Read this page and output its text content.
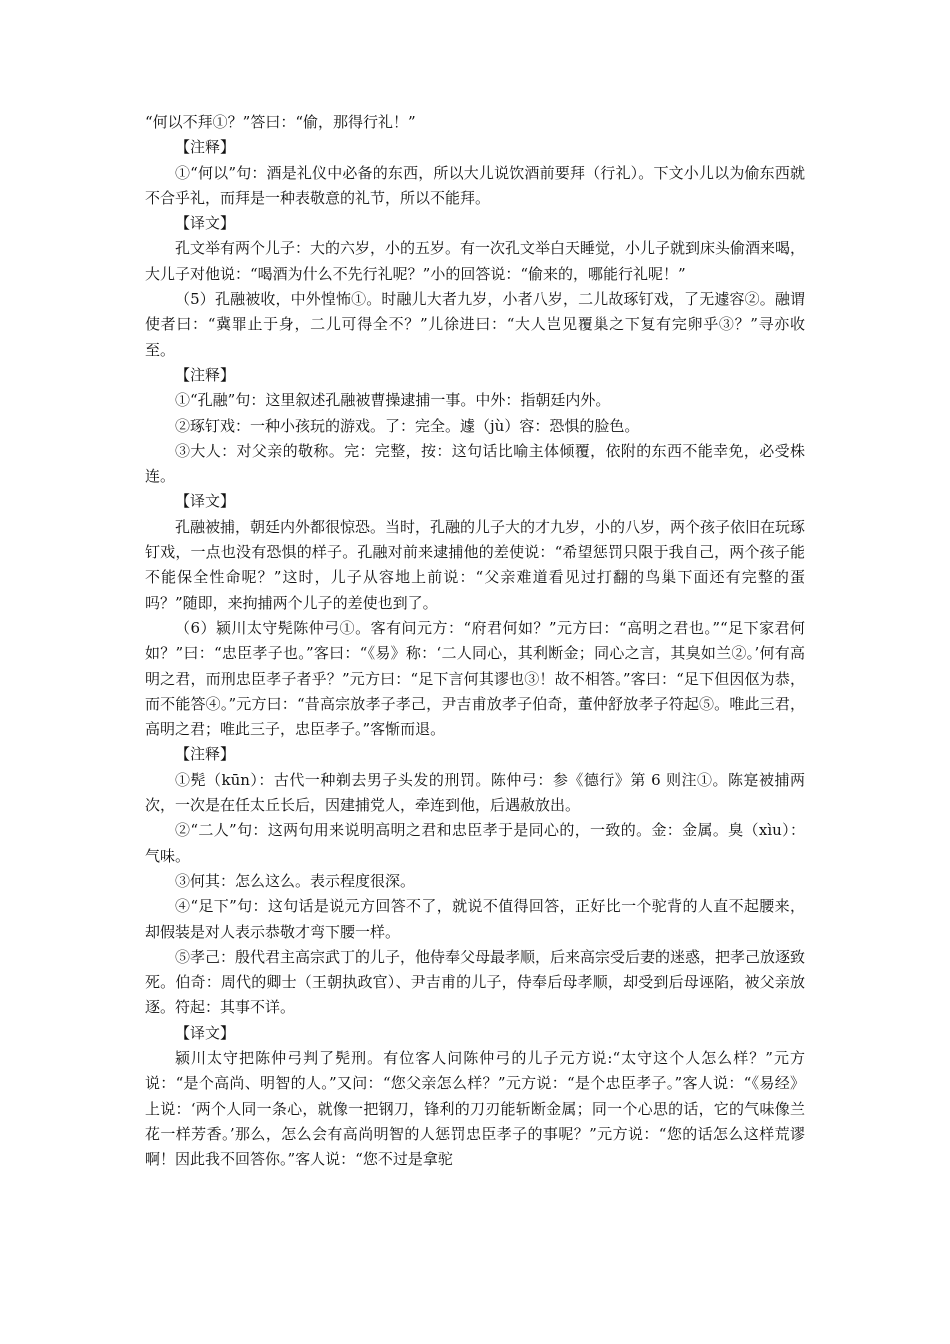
“何以不拜①？”答曰：“偷，那得行礼！”

【注释】

①“何以”句：酒是礼仪中必备的东西，所以大儿说饮酒前要拜（行礼）。下文小儿以为偷东西就不合乎礼，而拜是一种表敬意的礼节，所以不能拜。

【译文】

孔文举有两个儿子：大的六岁，小的五岁。有一次孔文举白天睡觉，小儿子就到床头偷酒来喝，大儿子对他说：“喝酒为什么不先行礼呢？”小的回答说：“偷来的，哪能行礼呢！”

（5）孔融被收，中外惶怖①。时融儿大者九岁，小者八岁，二儿故琢钉戏，了无遽容②。融谓使者曰：“冀罪止于身，二儿可得全不？”儿徐进曰：“大人岂见覆巢之下复有完卵乎③？”寻亦收至。

【注释】

①“孔融”句：这里叙述孔融被曹操逮捕一事。中外：指朝廷内外。

②琢钉戏：一种小孩玩的游戏。了：完全。遽（jù）容：恐惧的脸色。

③大人：对父亲的敬称。完：完整，按：这句话比喻主体倾覆，依附的东西不能幸免，必受株连。

【译文】

孔融被捕，朝廷内外都很惊恐。当时，孔融的儿子大的才九岁，小的八岁，两个孩子依旧在玩琢钉戏，一点也没有恐惧的样子。孔融对前来逮捕他的差使说：“希望惩罚只限于我自己，两个孩子能不能保全性命呢？”这时，儿子从容地上前说：“父亲难道看见过打翻的鸟巢下面还有完整的蛋吗？”随即，来拘捕两个儿子的差使也到了。

（6）颍川太守髡陈仲弓①。客有问元方：“府君何如？”元方曰：“高明之君也。”“足下家君何如？”曰：“忠臣孝子也。”客曰：“《易》称：‘二人同心，其利断金；同心之言，其臭如兰②。’何有高明之君，而刑忠臣孝子者乎？”元方曰：“足下言何其谬也③！故不相答。”客曰：“足下但因伛为恭，而不能答④。”元方曰：“昔高宗放孝子孝己，尹吉甫放孝子伯奇，董仲舒放孝子符起⑤。唯此三君，高明之君；唯此三子，忠臣孝子。”客惭而退。

【注释】

①髡（kūn）：古代一种剃去男子头发的刑罚。陈仲弓：参《德行》第 6 则注①。陈寔被捕两次，一次是在任太丘长后，因建捕党人，牵连到他，后遇赦放出。

②“二人”句：这两句用来说明高明之君和忠臣孝于是同心的，一致的。金：金属。臭（xìu）：气味。

③何其：怎么这么。表示程度很深。

④“足下”句：这句话是说元方回答不了，就说不值得回答，正好比一个驼背的人直不起腰来，却假装是对人表示恭敬才弯下腰一样。

⑤孝己：殷代君主高宗武丁的儿子，他侍奉父母最孝顺，后来高宗受后妻的迷惑，把孝己放逐致死。伯奇：周代的卿士（王朝执政官）、尹吉甫的儿子，侍奉后母孝顺，却受到后母诬陷，被父亲放逐。符起：其事不详。

【译文】

颍川太守把陈仲弓判了髡刑。有位客人问陈仲弓的儿子元方说:“太守这个人怎么样？”元方说：“是个高尚、明智的人。”又问：“您父亲怎么样？”元方说：“是个忠臣孝子。”客人说：“《易经》上说：‘两个人同一条心，就像一把钢刀，锋利的刀刃能斩断金属；同一个心思的话，它的气味像兰花一样芳香。’那么，怎么会有高尚明智的人惩罚忠臣孝子的事呢？”元方说：“您的话怎么这样荒谬啊！因此我不回答你。”客人说：“您不过是拿驼
